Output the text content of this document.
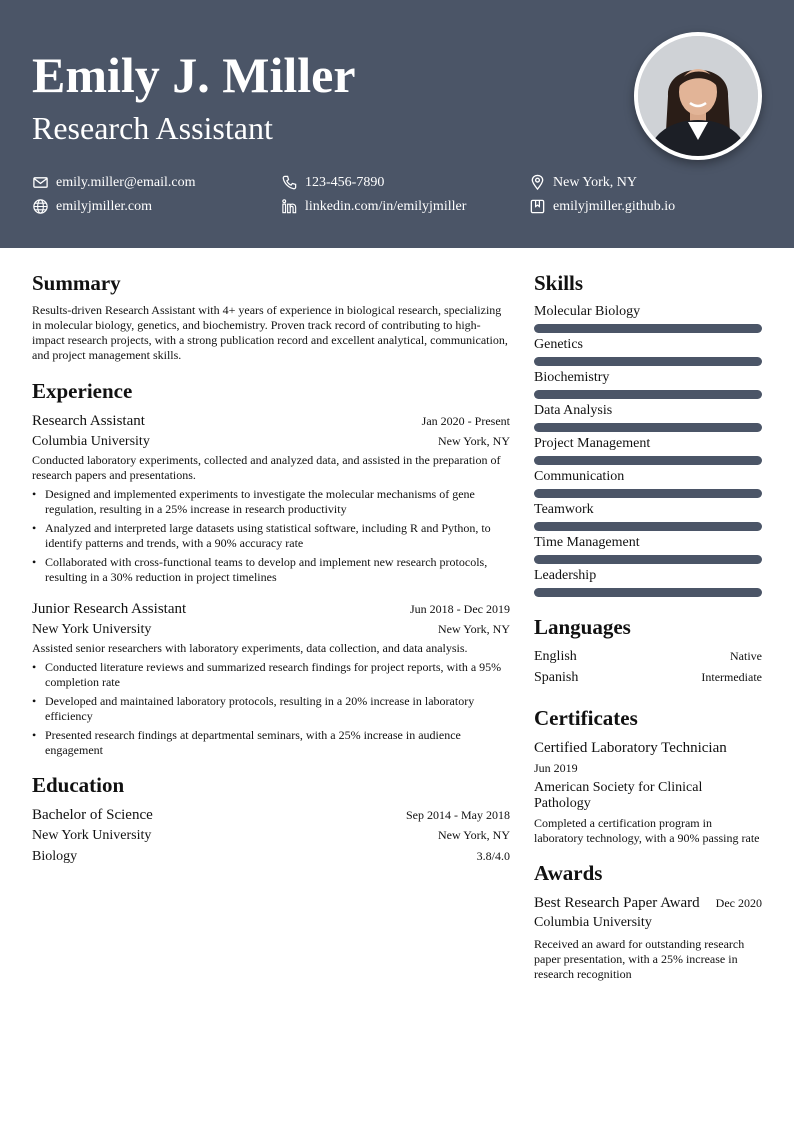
Emily J. Miller
Research Assistant
emily.miller@email.com	123-456-7890	New York, NY
emilyjmiller.com	linkedin.com/in/emilyjmiller	emilyjmiller.github.io
Summary

Results-driven Research Assistant with 4+ years of experience in biological research, specializing in molecular biology, genetics, and biochemistry. Proven track record of contributing to high-impact research projects, with a strong publication record and excellent analytical, communication, and project management skills.

Experience
Research Assistant	Jan 2020 - Present
Columbia University	New York, NY

Conducted laboratory experiments, collected and analyzed data, and assisted in the preparation of research papers and presentations.

• Designed and implemented experiments to investigate the molecular mechanisms of gene regulation, resulting in a 25% increase in research productivity
• Analyzed and interpreted large datasets using statistical software, including R and Python, to identify patterns and trends, with a 90% accuracy rate
• Collaborated with cross-functional teams to develop and implement new research protocols, resulting in a 30% reduction in project timelines
Junior Research Assistant	Jun 2018 - Dec 2019
New York University	New York, NY

Assisted senior researchers with laboratory experiments, data collection, and data analysis.

• Conducted literature reviews and summarized research findings for project reports, with a 95% completion rate
• Developed and maintained laboratory protocols, resulting in a 20% increase in laboratory efficiency
• Presented research findings at departmental seminars, with a 25% increase in audience engagement
Education
Bachelor of Science	Sep 2014 - May 2018
New York University	New York, NY
Biology	3.8/4.0
Skills
Molecular Biology
Genetics
Biochemistry
Data Analysis
Project Management
Communication
Teamwork
Time Management
Leadership
Languages
English	Native
Spanish	Intermediate
Certificates
Certified Laboratory Technician
Jun 2019
American Society for Clinical Pathology
Completed a certification program in laboratory technology, with a 90% passing rate
Awards
Best Research Paper Award Dec 2020
Columbia University
Received an award for outstanding research paper presentation, with a 25% increase in research recognition
